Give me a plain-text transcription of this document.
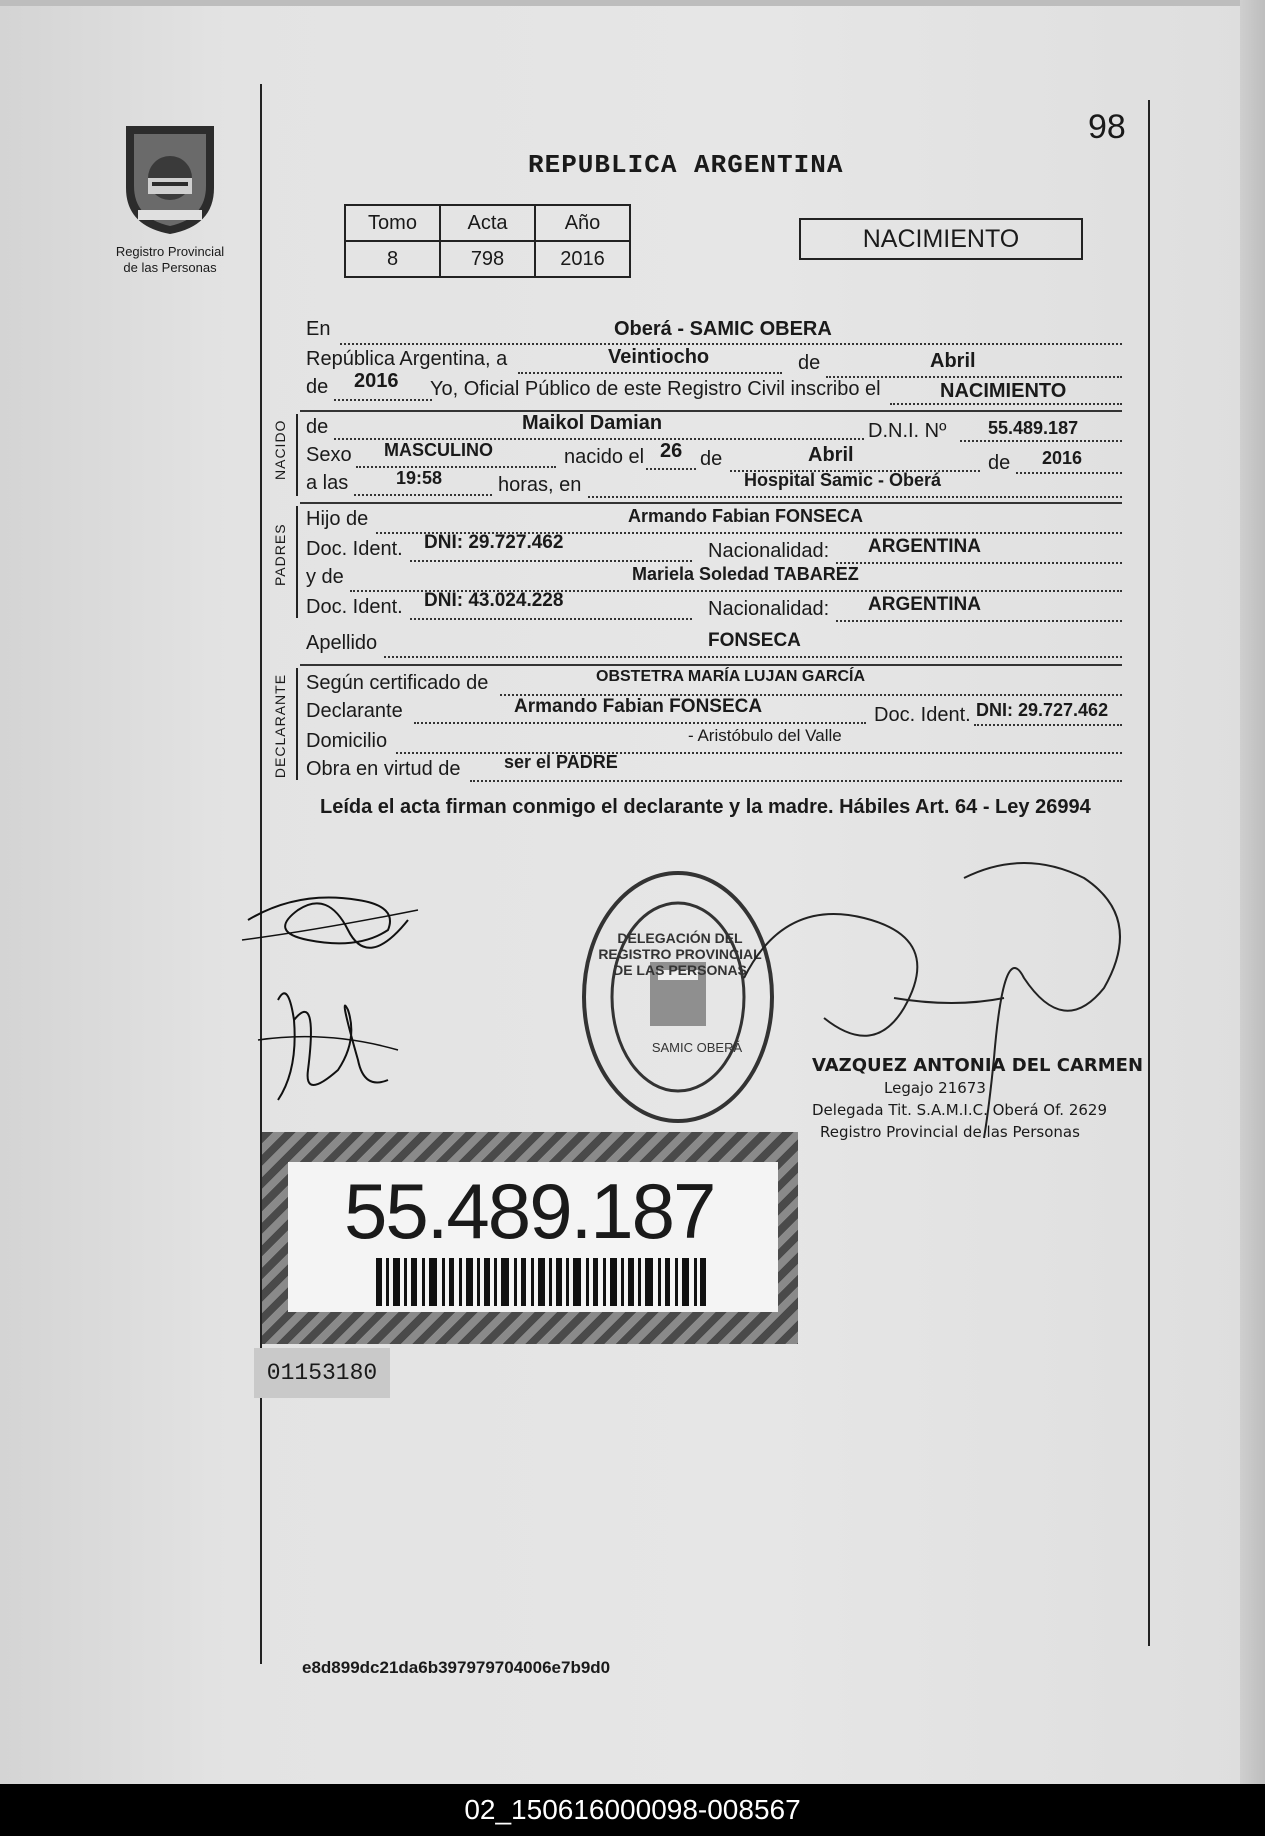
Registro Provincial
de las Personas
98
REPUBLICA ARGENTINA
Tomo	Acta	Año
8	798	2016
NACIMIENTO
En	Oberá - SAMIC OBERA
República Argentina, a	Veintiocho	de	Abril
de 2016 Yo, Oficial Público de este Registro Civil inscribo el	NACIMIENTO
NACIDO de	Maikol Damian	D.N.I. Nº 55.489.187
Sexo MASCULINO	nacido el 26 de	Abril	de 2016
a las	19:58	horas, en	Hospital Samic - Oberá
PADRES
Hijo de	Armando Fabian FONSECA
Doc. Ident. DNI: 29.727.462	Nacionalidad: ARGENTINA
y de	Mariela Soledad TABAREZ
Doc. Ident. DNI: 43.024.228	Nacionalidad: ARGENTINA
Apellido	FONSECA
DECLARANTE Según certificado de	OBSTETRA MARÍA LUJAN GARCÍA
Declarante	Armando Fabian FONSECA	Doc. Ident. DNI: 29.727.462
Domicilio	- Aristóbulo del Valle
Obra en virtud de ser el PADRE
Leída el acta firman conmigo el declarante y la madre. Hábiles Art. 64 - Ley 26994
DELEGACIÓN DEL REGISTRO PROVINCIAL DE LAS PERSONAS
SAMIC OBERÁ
VAZQUEZ ANTONIA DEL CARMEN
Legajo 21673
Delegada Tit. S.A.M.I.C. Oberá Of. 2629
Registro Provincial de las Personas
55.489.187
01153180
e8d899dc21da6b397979704006e7b9d0
02_150616000098-008567
